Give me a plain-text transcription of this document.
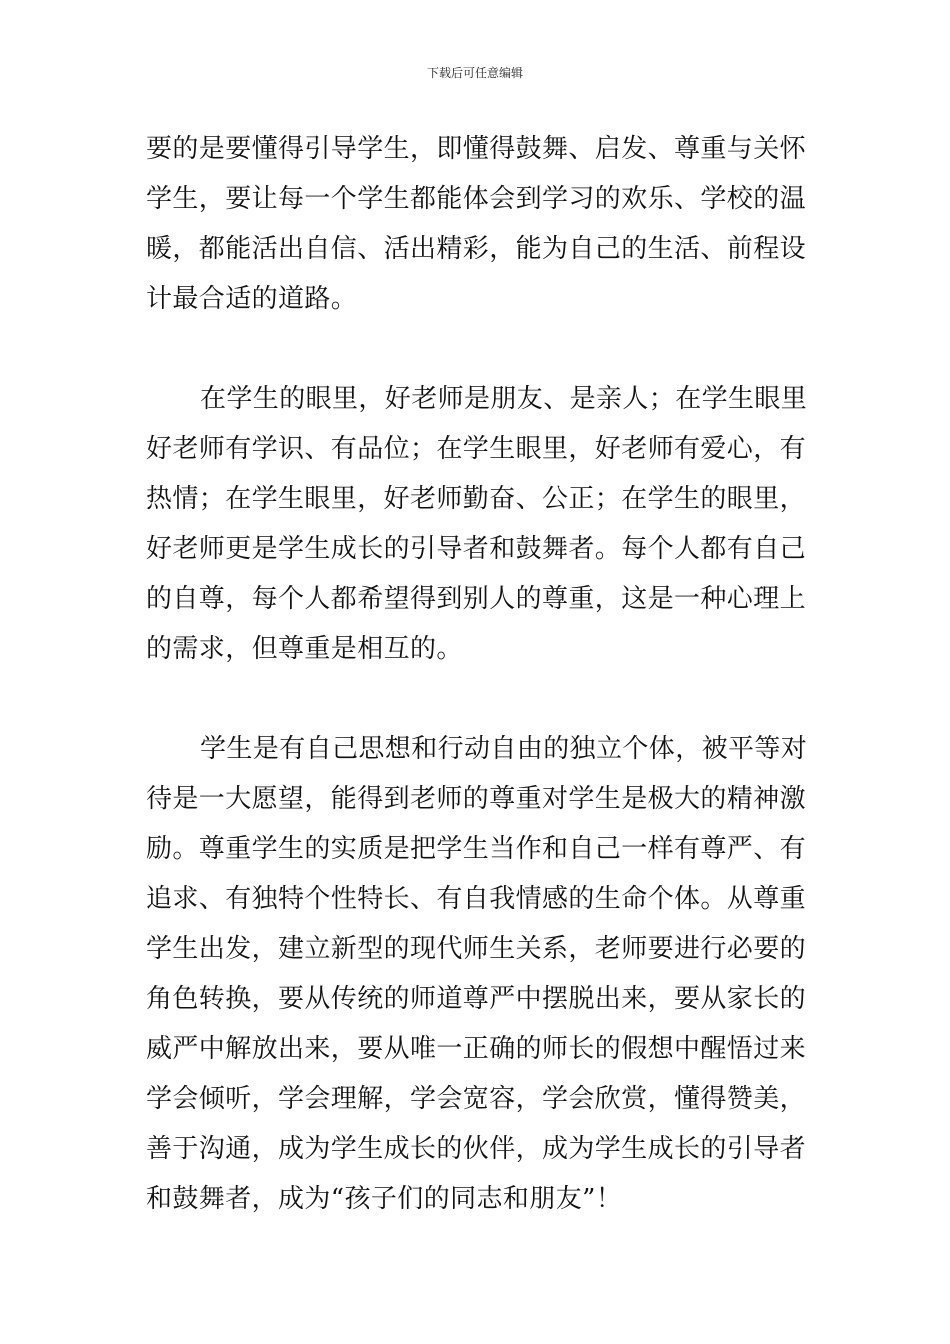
下载后可任意编辑

要的是要懂得引导学生，即懂得鼓舞、启发、尊重与关怀
学生，要让每一个学生都能体会到学习的欢乐、学校的温
暖，都能活出自信、活出精彩，能为自己的生活、前程设
计最合适的道路。

在学生的眼里，好老师是朋友、是亲人；在学生眼里
好老师有学识、有品位；在学生眼里，好老师有爱心，有
热情；在学生眼里，好老师勤奋、公正；在学生的眼里，
好老师更是学生成长的引导者和鼓舞者。每个人都有自己
的自尊，每个人都希望得到别人的尊重，这是一种心理上
的需求，但尊重是相互的。

学生是有自己思想和行动自由的独立个体，被平等对
待是一大愿望，能得到老师的尊重对学生是极大的精神激
励。尊重学生的实质是把学生当作和自己一样有尊严、有
追求、有独特个性特长、有自我情感的生命个体。从尊重
学生出发，建立新型的现代师生关系，老师要进行必要的
角色转换，要从传统的师道尊严中摆脱出来，要从家长的
威严中解放出来，要从唯一正确的师长的假想中醒悟过来
学会倾听，学会理解，学会宽容，学会欣赏，懂得赞美，
善于沟通，成为学生成长的伙伴，成为学生成长的引导者
和鼓舞者，成为“孩子们的同志和朋友”！
